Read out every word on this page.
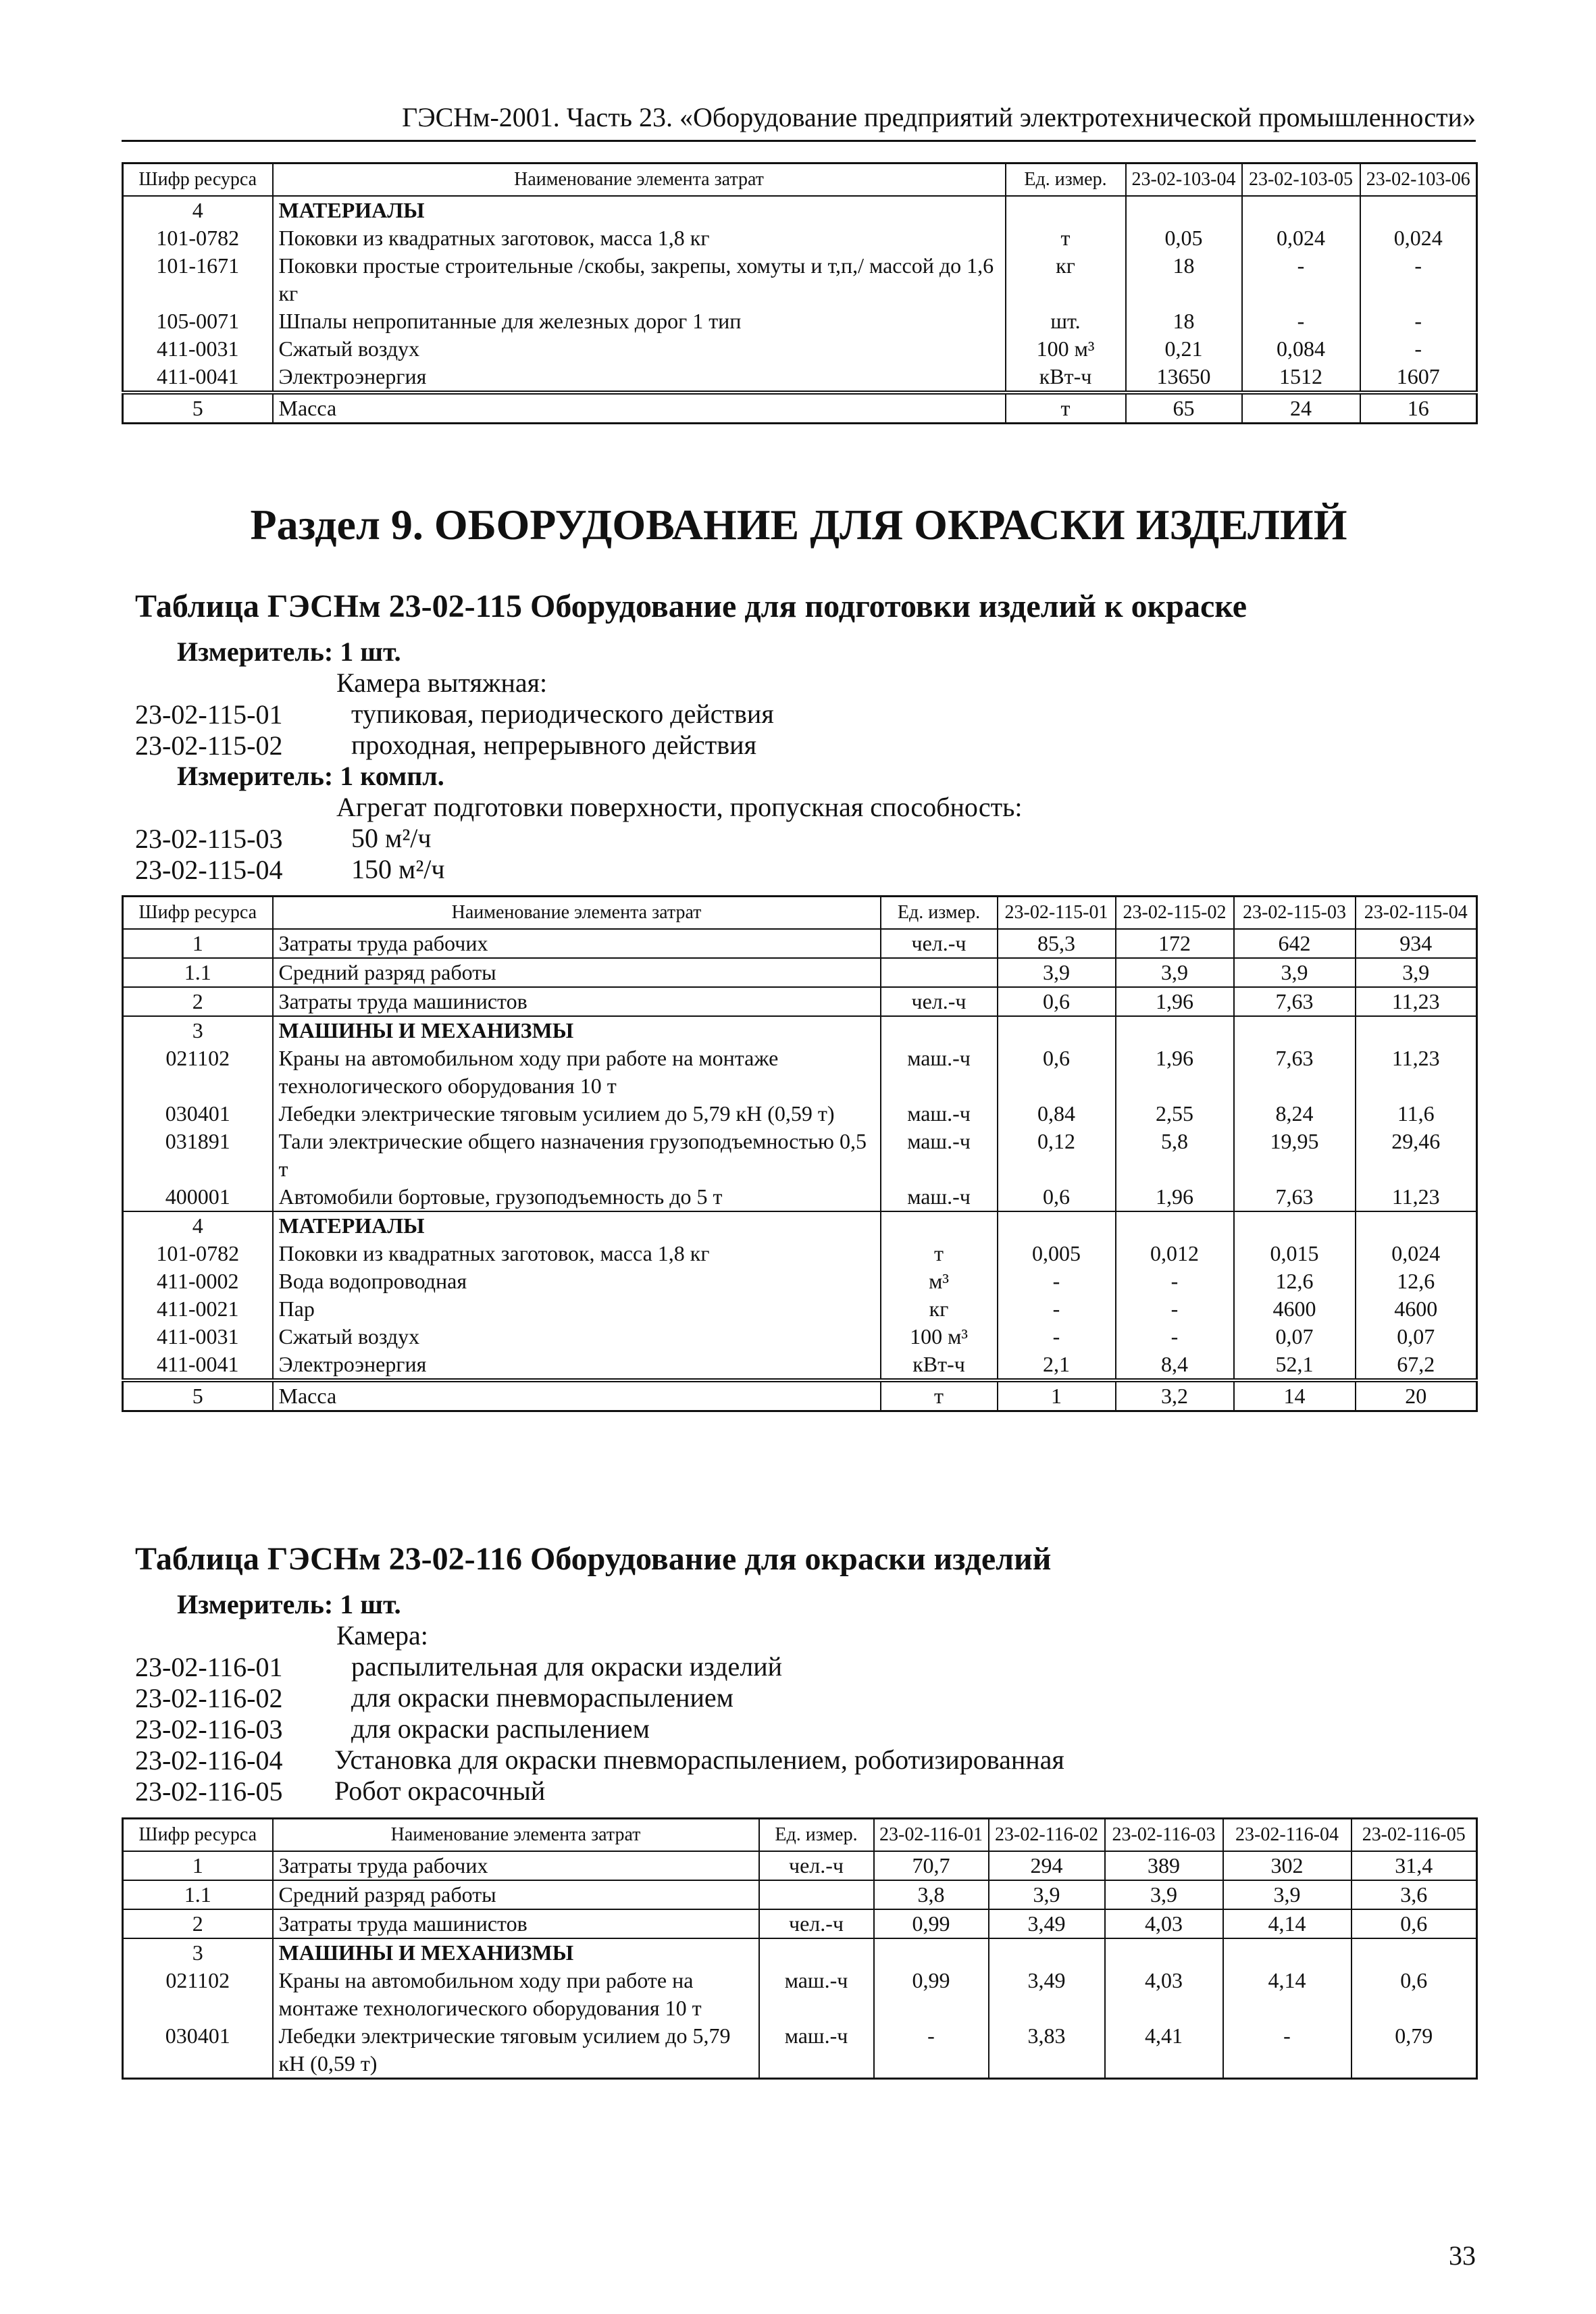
ГЭСНм-2001. Часть 23. «Оборудование предприятий электротехнической промышленности»
Шифр ресурса	Наименование элемента затрат	Ед. измер.	23-02-103-04	23-02-103-05	23-02-103-06
4	МАТЕРИАЛЫ				
101-0782	Поковки из квадратных заготовок, масса 1,8 кг	т	0,05	0,024	0,024
101-1671	Поковки простые строительные /скобы, закрепы, хомуты и т,п,/ массой до 1,6 кг	кг	18	-	-
105-0071	Шпалы непропитанные для железных дорог 1 тип	шт.	18	-	-
411-0031	Сжатый воздух	100 м³	0,21	0,084	-
411-0041	Электроэнергия	кВт-ч	13650	1512	1607
5	Масса	т	65	24	16
Раздел 9. ОБОРУДОВАНИЕ ДЛЯ ОКРАСКИ ИЗДЕЛИЙ
Таблица ГЭСНм 23-02-115 Оборудование для подготовки изделий к окраске
Измеритель: 1 шт.
Камера вытяжная:
23-02-115-01	тупиковая, периодического действия
23-02-115-02	проходная, непрерывного действия
Измеритель: 1 компл.
Агрегат подготовки поверхности, пропускная способность:
23-02-115-03	50 м²/ч
23-02-115-04	150 м²/ч
Шифр ресурса	Наименование элемента затрат	Ед. измер.	23-02-115-01	23-02-115-02	23-02-115-03	23-02-115-04
1	Затраты труда рабочих	чел.-ч	85,3	172	642	934
1.1	Средний разряд работы		3,9	3,9	3,9	3,9
2	Затраты труда машинистов	чел.-ч	0,6	1,96	7,63	11,23
3	МАШИНЫ И МЕХАНИЗМЫ					
021102	Краны на автомобильном ходу при работе на монтаже технологического оборудования 10 т	маш.-ч	0,6	1,96	7,63	11,23
030401	Лебедки электрические тяговым усилием до 5,79 кН (0,59 т)	маш.-ч	0,84	2,55	8,24	11,6
031891	Тали электрические общего назначения грузоподъемностью 0,5 т	маш.-ч	0,12	5,8	19,95	29,46
400001	Автомобили бортовые, грузоподъемность до 5 т	маш.-ч	0,6	1,96	7,63	11,23
4	МАТЕРИАЛЫ					
101-0782	Поковки из квадратных заготовок, масса 1,8 кг	т	0,005	0,012	0,015	0,024
411-0002	Вода водопроводная	м³	-	-	12,6	12,6
411-0021	Пар	кг	-	-	4600	4600
411-0031	Сжатый воздух	100 м³	-	-	0,07	0,07
411-0041	Электроэнергия	кВт-ч	2,1	8,4	52,1	67,2
5	Масса	т	1	3,2	14	20
Таблица ГЭСНм 23-02-116 Оборудование для окраски изделий
Измеритель: 1 шт.
Камера:
23-02-116-01	распылительная для окраски изделий
23-02-116-02	для окраски пневмораспылением
23-02-116-03	для окраски распылением
23-02-116-04 Установка для окраски пневмораспылением, роботизированная
23-02-116-05 Робот окрасочный
Шифр ресурса	Наименование элемента затрат	Ед. измер.	23-02-116-01	23-02-116-02	23-02-116-03	23-02-116-04	23-02-116-05
1	Затраты труда рабочих	чел.-ч	70,7	294	389	302	31,4
1.1	Средний разряд работы		3,8	3,9	3,9	3,9	3,6
2	Затраты труда машинистов	чел.-ч	0,99	3,49	4,03	4,14	0,6
3	МАШИНЫ И МЕХАНИЗМЫ						
021102	Краны на автомобильном ходу при работе на монтаже технологического оборудования 10 т	маш.-ч	0,99	3,49	4,03	4,14	0,6
030401	Лебедки электрические тяговым усилием до 5,79 кН (0,59 т)	маш.-ч	-	3,83	4,41	-	0,79
33
